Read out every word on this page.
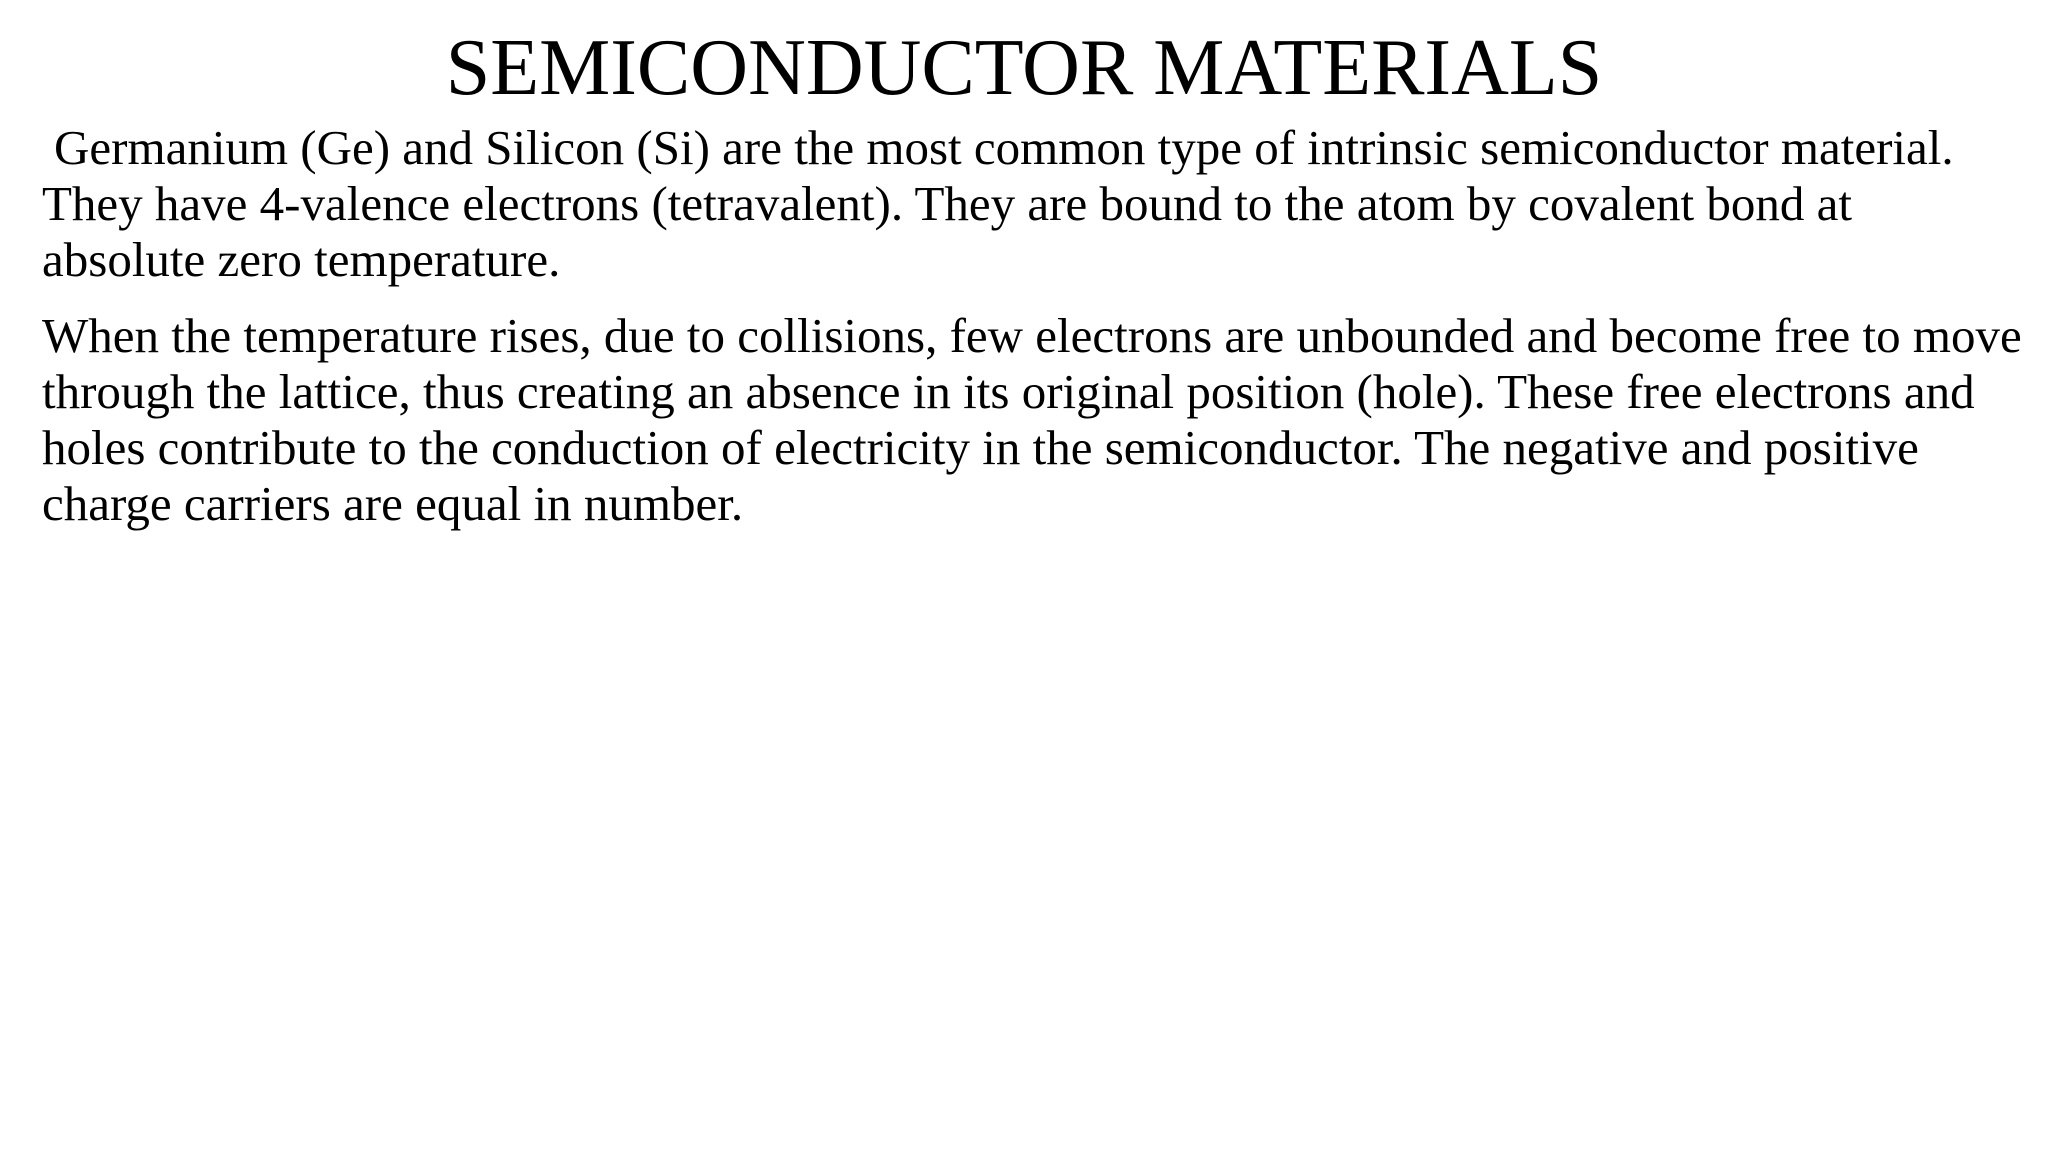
SEMICONDUCTOR MATERIALS

Germanium (Ge) and Silicon (Si) are the most common type of intrinsic semiconductor material. They have 4-valence electrons (tetravalent). They are bound to the atom by covalent bond at absolute zero temperature.

When the temperature rises, due to collisions, few electrons are unbounded and become free to move through the lattice, thus creating an absence in its original position (hole). These free electrons and holes contribute to the conduction of electricity in the semiconductor. The negative and positive charge carriers are equal in number.
